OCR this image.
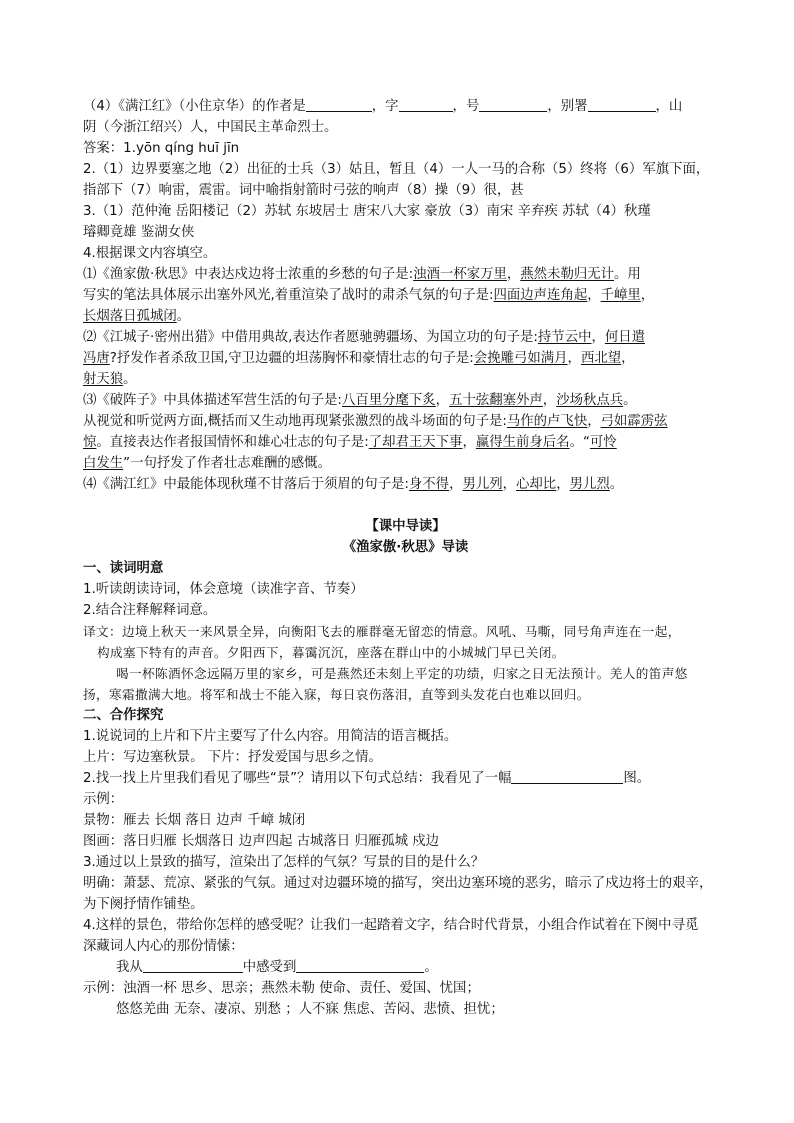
（4）《满江红》（小住京华）的作者是	，字	，号	，别署	，山
阴（今浙江绍兴）人，中国民主革命烈士。
答案：1.yōn qíng huī jīn
2.（1）边界要塞之地（2）出征的士兵（3）姑且，暂且（4）一人一马的合称（5）终将（6）军旗下面，
指部下（7）响雷，震雷。词中喻指射箭时弓弦的响声（8）操（9）很，甚
3.（1）范仲淹 岳阳楼记（2）苏轼 东坡居士 唐宋八大家 豪放（3）南宋 辛弃疾 苏轼（4）秋瑾
璿卿竟雄 鉴湖女侠
4.根据课文内容填空。
⑴《渔家傲·秋思》中表达戍边将士浓重的乡愁的句子是:浊酒一杯家万里，燕然未勒归无计。用
写实的笔法具体展示出塞外风光,着重渲染了战时的肃杀气氛的句子是:四面边声连角起，千嶂里，
长烟落日孤城闭。
⑵《江城子·密州出猎》中借用典故,表达作者愿驰骋疆场、为国立功的句子是:持节云中，何日遣
冯唐?抒发作者杀敌卫国,守卫边疆的坦荡胸怀和豪情壮志的句子是:会挽雕弓如满月，西北望，
射天狼。
⑶《破阵子》中具体描述军营生活的句子是:八百里分麾下炙，五十弦翻塞外声，沙场秋点兵。
从视觉和听觉两方面,概括而又生动地再现紧张激烈的战斗场面的句子是:马作的卢飞快，弓如霹雳弦
惊。直接表达作者报国情怀和雄心壮志的句子是:了却君王天下事，赢得生前身后名。“可怜
白发生”一句抒发了作者壮志难酬的感慨。
⑷《满江红》中最能体现秋瑾不甘落后于须眉的句子是:身不得，男儿列，心却比，男儿烈。
【课中导读】
《渔家傲·秋思》导读
一、读词明意
1.听读朗读诗词，体会意境（读准字音、节奏）
2.结合注释解释词意。
译文：边境上秋天一来风景全异，向衡阳飞去的雁群毫无留恋的情意。风吼、马嘶，同号角声连在一起，
构成塞下特有的声音。夕阳西下，暮霭沉沉，座落在群山中的小城城门早已关闭。
喝一杯陈酒怀念远隔万里的家乡，可是燕然还未刻上平定的功绩，归家之日无法预计。羌人的笛声悠
扬，寒霜撒满大地。将军和战士不能入寐，每日哀伤落泪，直等到头发花白也难以回归。
二、合作探究
1.说说词的上片和下片主要写了什么内容。用简洁的语言概括。
上片：写边塞秋景。 下片：抒发爱国与思乡之情。
2.找一找上片里我们看见了哪些“景”？请用以下句式总结：我看见了一幅	图。
示例：
景物：雁去 长烟 落日 边声 千嶂 城闭
图画：落日归雁 长烟落日 边声四起 古城落日 归雁孤城 戍边
3.通过以上景致的描写，渲染出了怎样的气氛？写景的目的是什么？
明确：萧瑟、荒凉、紧张的气氛。通过对边疆环境的描写，突出边塞环境的恶劣，暗示了戍边将士的艰辛，
为下阕抒情作铺垫。
4.这样的景色，带给你怎样的感受呢？让我们一起踏着文字，结合时代背景，小组合作试着在下阕中寻觅
深藏词人内心的那份情愫：
我从	中感受到	。
示例：浊酒一杯 思乡、思亲；燕然未勒 使命、责任、爱国、忧国；
悠悠羌曲 无奈、凄凉、别愁 ；人不寐 焦虑、苦闷、悲愤、担忧；
